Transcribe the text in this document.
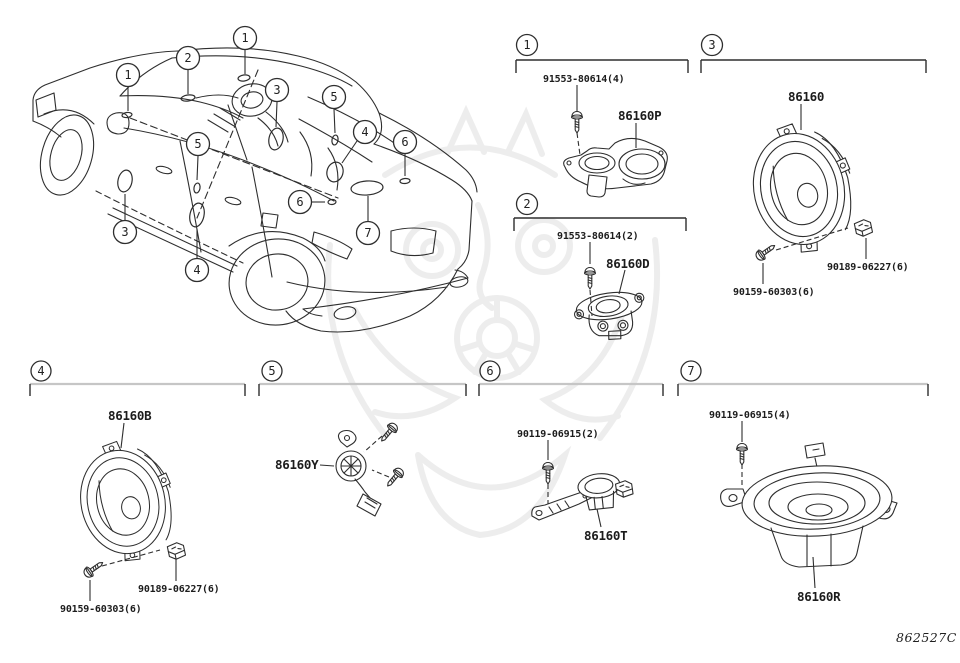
1
2
3
4	5	6	7
1
2
1
3	5
4
6
5
6
7
3
4
91553-80614(4)
86160P
91553-80614(2)
86160D
86160
90189-06227(6)
90159-60303(6)
86160B
90189-06227(6)
90159-60303(6)
86160Y
90119-06915(2)
86160T
90119-06915(4)
86160R
862527C
